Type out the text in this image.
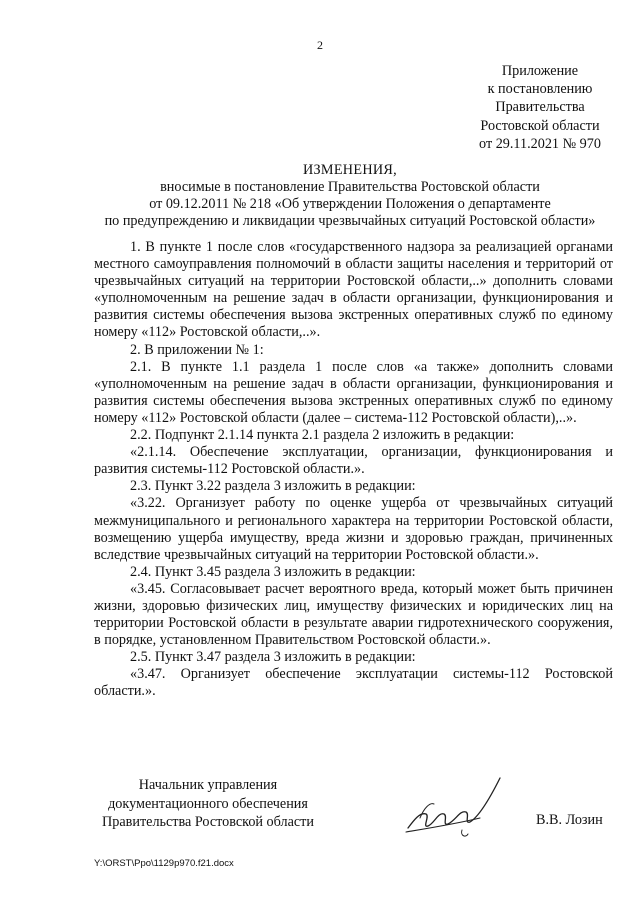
2
Приложение
к постановлению
Правительства
Ростовской области
от 29.11.2021 № 970
ИЗМЕНЕНИЯ,
вносимые в постановление Правительства Ростовской области
от 09.12.2011 № 218 «Об утверждении Положения о департаменте
по предупреждению и ликвидации чрезвычайных ситуаций Ростовской области»

1. В пункте 1 после слов «государственного надзора за реализацией органами местного самоуправления полномочий в области защиты населения и территорий от чрезвычайных ситуаций на территории Ростовской области,..» дополнить словами «уполномоченным на решение задач в области организации, функционирования и развития системы обеспечения вызова экстренных оперативных служб по единому номеру «112» Ростовской области,..».

2. В приложении № 1:

2.1. В пункте 1.1 раздела 1 после слов «а также» дополнить словами «уполномоченным на решение задач в области организации, функционирования и развития системы обеспечения вызова экстренных оперативных служб по единому номеру «112» Ростовской области (далее – система-112 Ростовской области),..».

2.2. Подпункт 2.1.14 пункта 2.1 раздела 2 изложить в редакции:

«2.1.14. Обеспечение эксплуатации, организации, функционирования и развития системы-112 Ростовской области.».

2.3. Пункт 3.22 раздела 3 изложить в редакции:

«3.22. Организует работу по оценке ущерба от чрезвычайных ситуаций межмуниципального и регионального характера на территории Ростовской области, возмещению ущерба имуществу, вреда жизни и здоровью граждан, причиненных вследствие чрезвычайных ситуаций на территории Ростовской области.».

2.4. Пункт 3.45 раздела 3 изложить в редакции:

«3.45. Согласовывает расчет вероятного вреда, который может быть причинен жизни, здоровью физических лиц, имуществу физических и юридических лиц на территории Ростовской области в результате аварии гидротехнического сооружения, в порядке, установленном Правительством Ростовской области.».

2.5. Пункт 3.47 раздела 3 изложить в редакции:

«3.47. Организует обеспечение эксплуатации системы-112 Ростовской области.».

Начальник управления
документационного обеспечения
Правительства Ростовской области	В.В. Лозин
Y:\ORST\Ppo\1129p970.f21.docx
